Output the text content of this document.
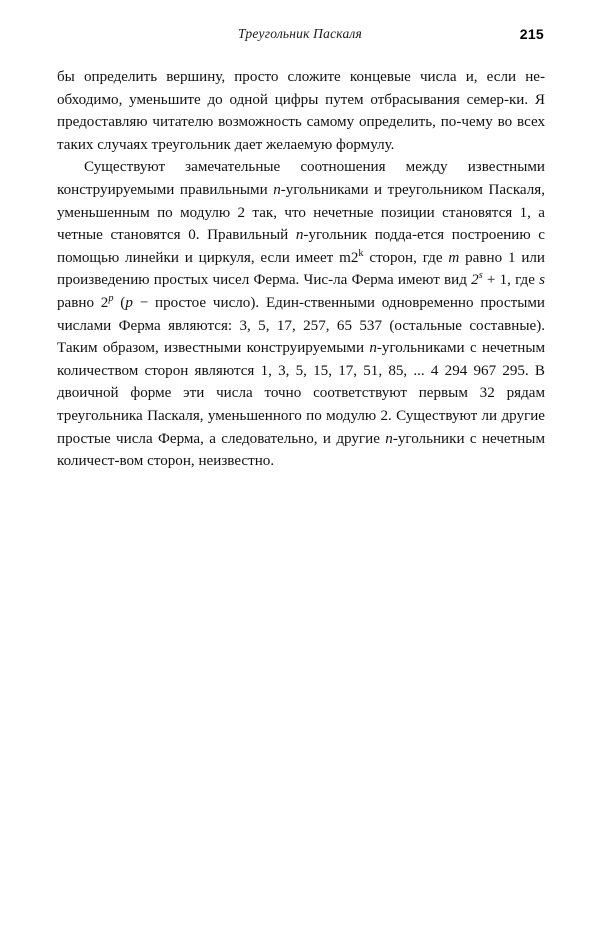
Треугольник Паскаля	215

бы определить вершину, просто сложите концевые числа и, если не-обходимо, уменьшите до одной цифры путем отбрасывания семер-ки. Я предоставляю читателю возможность самому определить, по-чему во всех таких случаях треугольник дает желаемую формулу.

Существуют замечательные соотношения между известными конструируемыми правильными n-угольниками и треугольником Паскаля, уменьшенным по модулю 2 так, что нечетные позиции становятся 1, а четные становятся 0. Правильный n-угольник подда-ется построению с помощью линейки и циркуля, если имеет m2$^k$ сторон, где m равно 1 или произведению простых чисел Ферма. Чис-ла Ферма имеют вид $2^s + 1$, где s равно 2$^p$ (p − простое число). Един-ственными одновременно простыми числами Ферма являются: 3, 5, 17, 257, 65 537 (остальные составные). Таким образом, известными конструируемыми n-угольниками с нечетным количеством сторон являются 1, 3, 5, 15, 17, 51, 85, ... 4 294 967 295. В двоичной форме эти числа точно соответствуют первым 32 рядам треугольника Паскаля, уменьшенного по модулю 2. Существуют ли другие простые числа Ферма, а следовательно, и другие n-угольники с нечетным количест-вом сторон, неизвестно.
